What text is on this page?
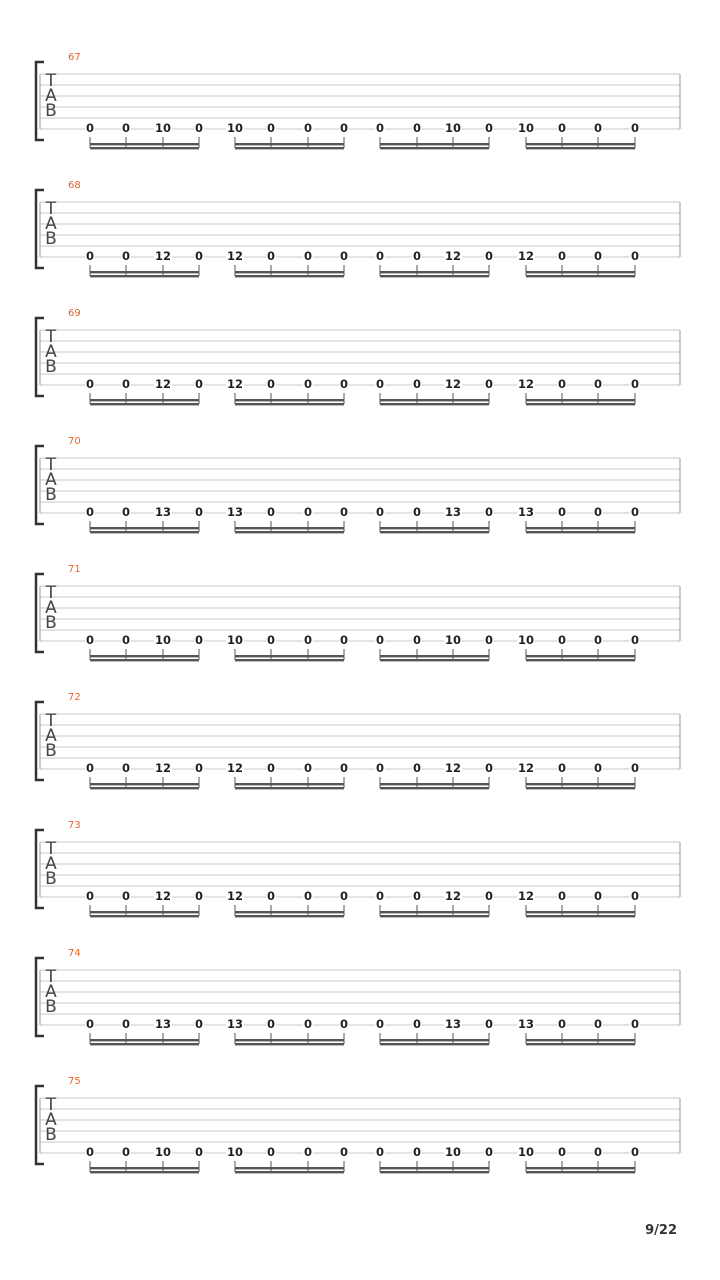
67
T
A
B
0 0 10 0 10 0	0 0 0	0 10 0 10 0 0	0
68
T
A
B
0 0 12 0 12 0	0 0 0	0 12 0 12 0 0	0
69
T
A
B
0 0 12 0 12 0	0 0 0	0 12 0 12 0 0	0
70
T
A
B
0 0 13 0 13 0	0 0 0	0 13 0 13 0 0	0
71
T
A
B
0 0 10 0 10 0	0 0 0	0 10 0 10 0 0	0
72
T
A
B
0 0 12 0 12 0	0 0 0	0 12 0 12 0 0	0
73
T
A
B
0 0 12 0 12 0	0 0 0	0 12 0 12 0 0	0
74
T
A
B
0 0 13 0 13 0	0 0 0	0 13 0 13 0 0	0
75
T
A
B
0 0 10 0 10 0	0 0 0	0 10 0 10 0 0	0
9/22
